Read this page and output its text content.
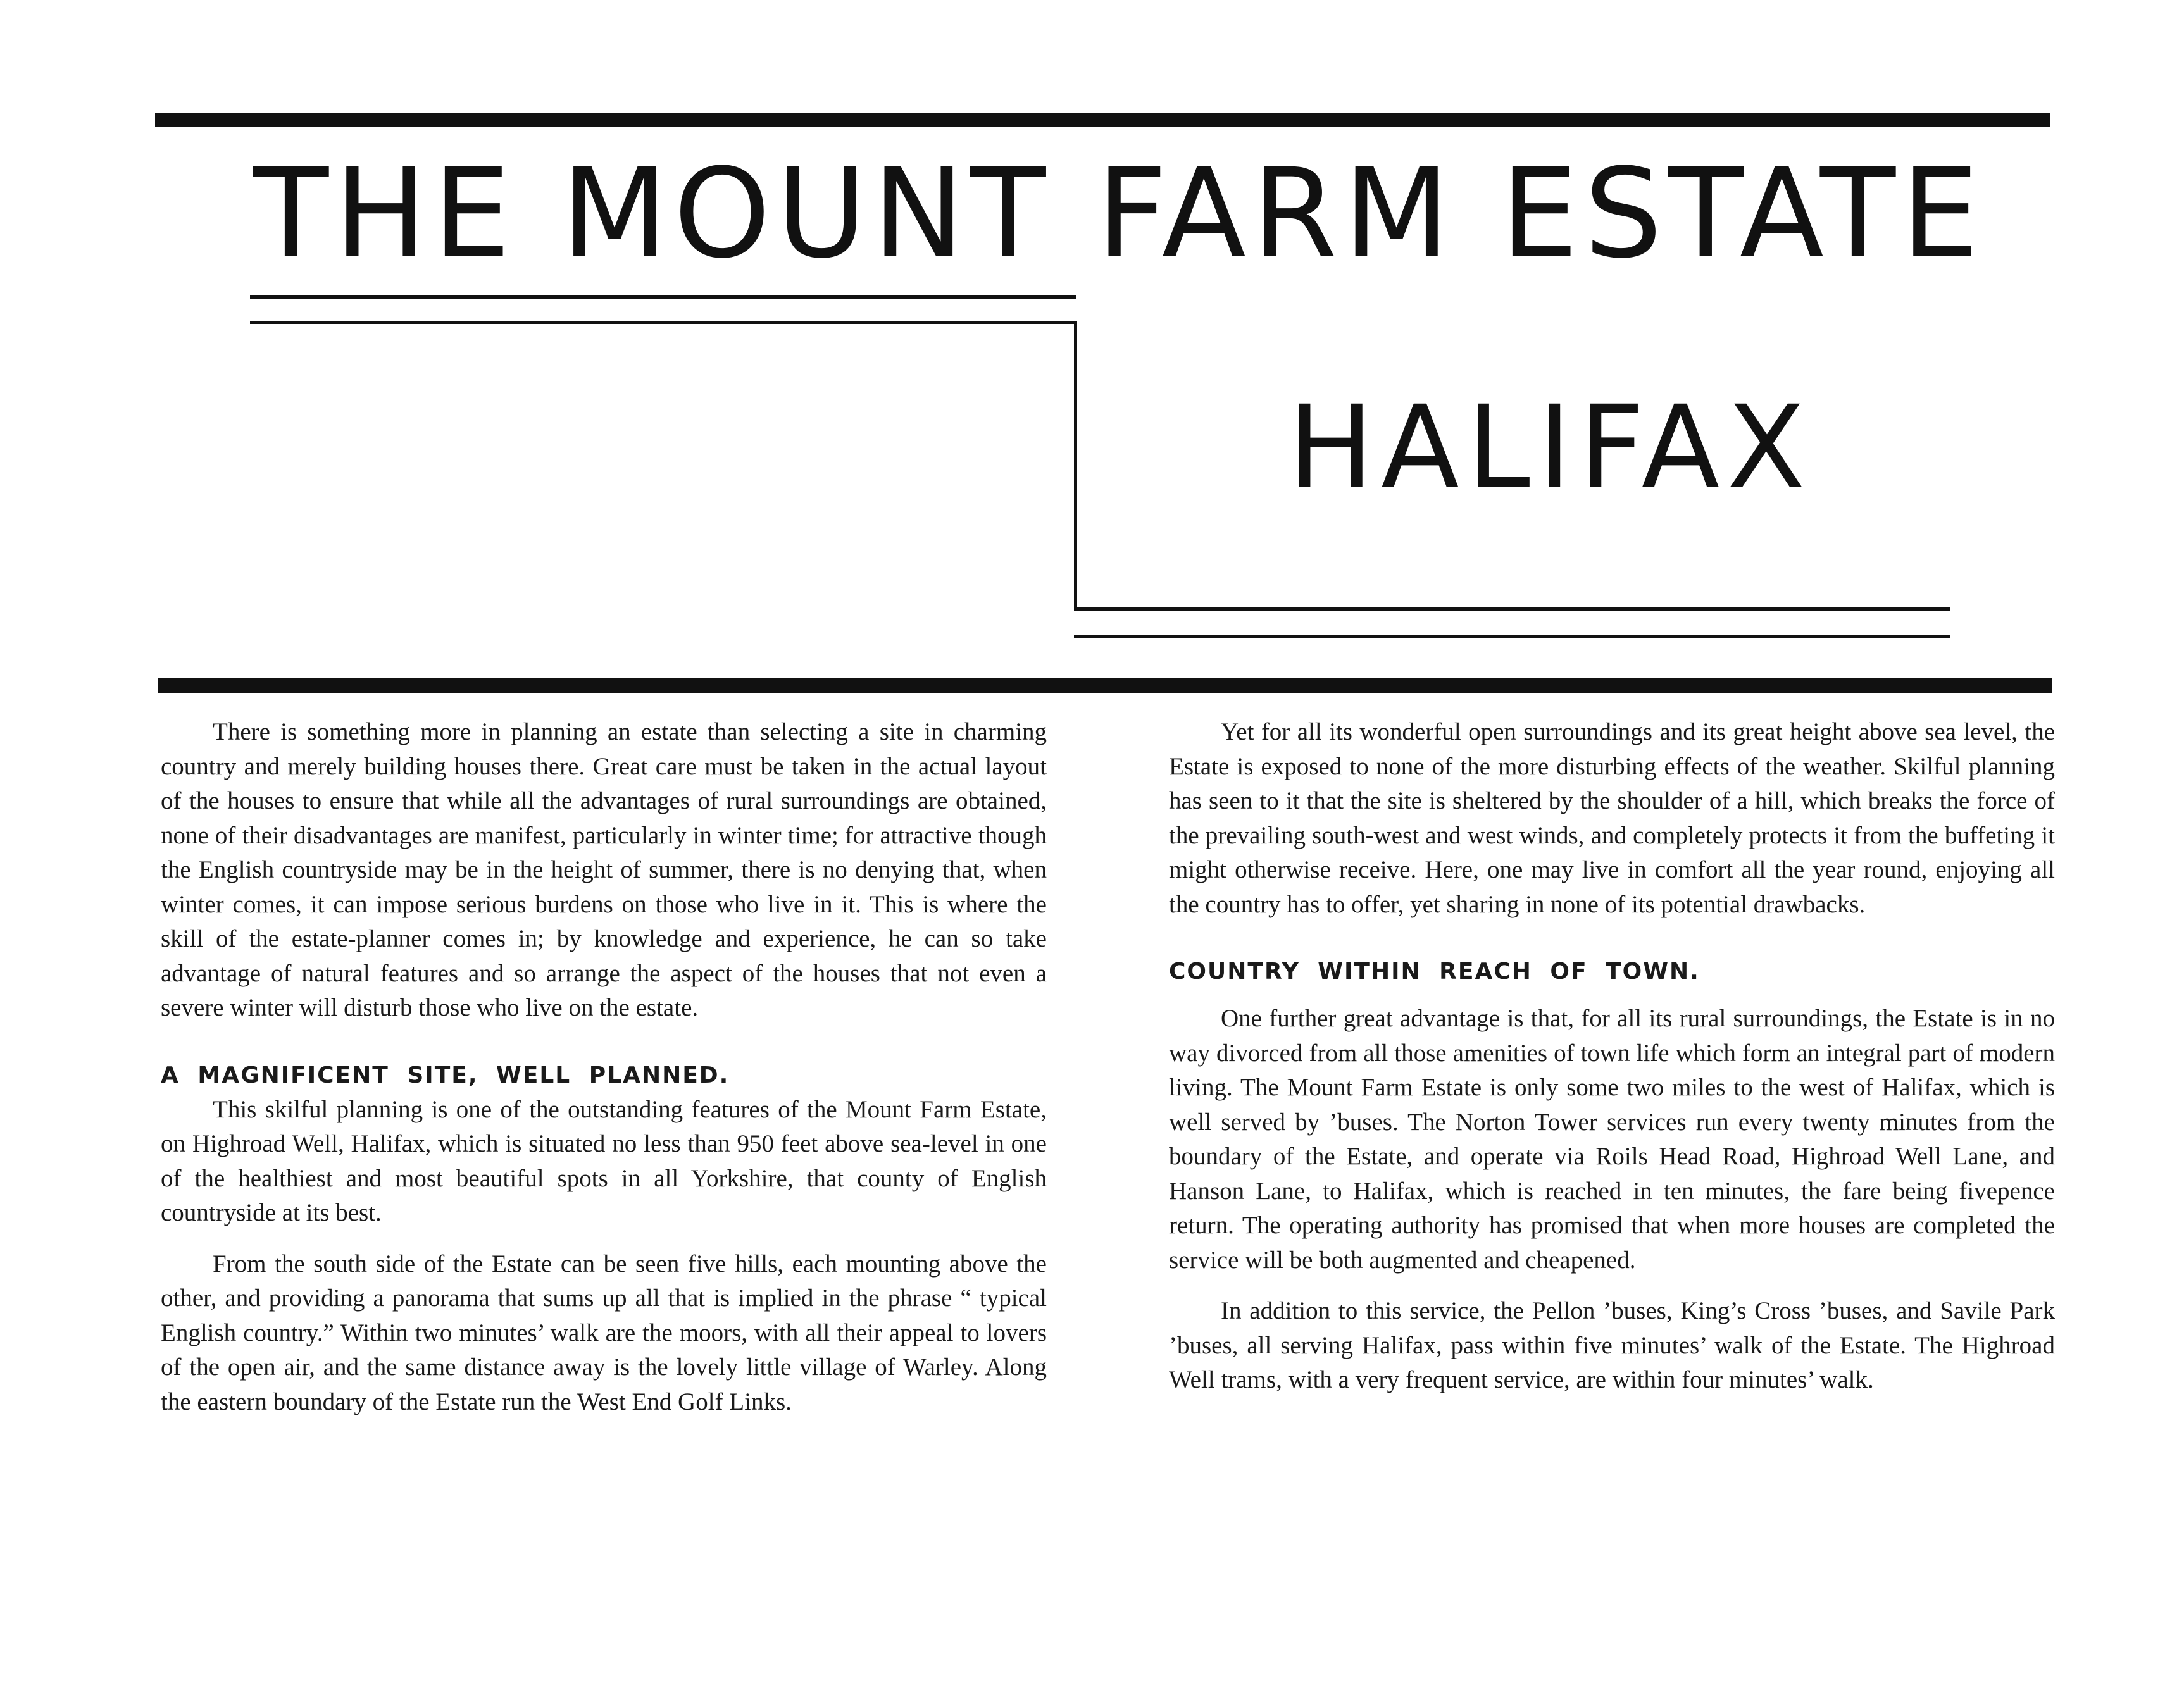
THE MOUNT FARM ESTATE
HALIFAX

There is something more in planning an estate than selecting a site in charming country and merely building houses there. Great care must be taken in the actual layout of the houses to ensure that while all the advantages of rural surroundings are obtained, none of their disadvantages are manifest, particularly in winter time; for attractive though the English countryside may be in the height of summer, there is no denying that, when winter comes, it can impose serious burdens on those who live in it. This is where the skill of the estate-planner comes in; by knowledge and experience, he can so take advantage of natural features and so arrange the aspect of the houses that not even a severe winter will disturb those who live on the estate.

A MAGNIFICENT SITE, WELL PLANNED.

This skilful planning is one of the outstanding features of the Mount Farm Estate, on Highroad Well, Halifax, which is situated no less than 950 feet above sea-level in one of the healthiest and most beautiful spots in all Yorkshire, that county of English countryside at its best.

From the south side of the Estate can be seen five hills, each mounting above the other, and providing a panorama that sums up all that is implied in the phrase “ typical English country.” Within two minutes’ walk are the moors, with all their appeal to lovers of the open air, and the same distance away is the lovely little village of Warley. Along the eastern boundary of the Estate run the West End Golf Links.

Yet for all its wonderful open surroundings and its great height above sea level, the Estate is exposed to none of the more disturbing effects of the weather. Skilful planning has seen to it that the site is sheltered by the shoulder of a hill, which breaks the force of the prevailing south-west and west winds, and completely protects it from the buffeting it might otherwise receive. Here, one may live in comfort all the year round, enjoying all the country has to offer, yet sharing in none of its potential drawbacks.

COUNTRY WITHIN REACH OF TOWN.

One further great advantage is that, for all its rural surroundings, the Estate is in no way divorced from all those amenities of town life which form an integral part of modern living. The Mount Farm Estate is only some two miles to the west of Halifax, which is well served by ’buses. The Norton Tower services run every twenty minutes from the boundary of the Estate, and operate via Roils Head Road, Highroad Well Lane, and Hanson Lane, to Halifax, which is reached in ten minutes, the fare being fivepence return. The operating authority has promised that when more houses are completed the service will be both augmented and cheapened.

In addition to this service, the Pellon ’buses, King’s Cross ’buses, and Savile Park ’buses, all serving Halifax, pass within five minutes’ walk of the Estate. The Highroad Well trams, with a very frequent service, are within four minutes’ walk.
